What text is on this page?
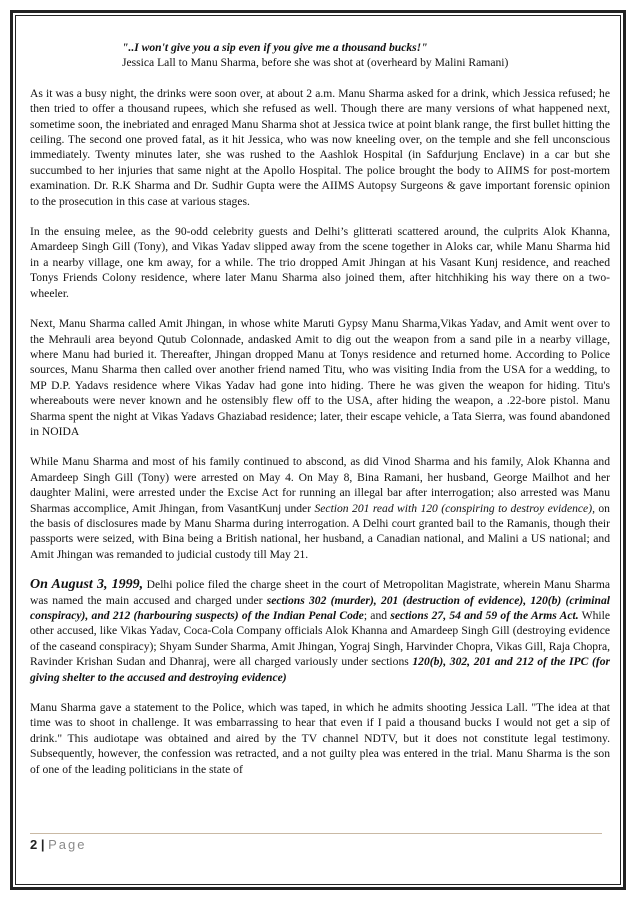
"..I won't give you a sip even if you give me a thousand bucks!"
Jessica Lall to Manu Sharma, before she was shot at (overheard by Malini Ramani)

As it was a busy night, the drinks were soon over, at about 2 a.m. Manu Sharma asked for a drink, which Jessica refused; he then tried to offer a thousand rupees, which she refused as well. Though there are many versions of what happened next, sometime soon, the inebriated and enraged Manu Sharma shot at Jessica twice at point blank range, the first bullet hitting the ceiling. The second one proved fatal, as it hit Jessica, who was now kneeling over, on the temple and she fell unconscious immediately. Twenty minutes later, she was rushed to the Aashlok Hospital (in Safdurjung Enclave) in a car but she succumbed to her injuries that same night at the Apollo Hospital. The police brought the body to AIIMS for post-mortem examination. Dr. R.K Sharma and Dr. Sudhir Gupta were the AIIMS Autopsy Surgeons & gave important forensic opinion to the prosecution in this case at various stages.

In the ensuing melee, as the 90-odd celebrity guests and Delhi’s glitterati scattered around, the culprits Alok Khanna, Amardeep Singh Gill (Tony), and Vikas Yadav slipped away from the scene together in Aloks car, while Manu Sharma hid in a nearby village, one km away, for a while. The trio dropped Amit Jhingan at his Vasant Kunj residence, and reached Tonys Friends Colony residence, where later Manu Sharma also joined them, after hitchhiking his way there on a two-wheeler.

Next, Manu Sharma called Amit Jhingan, in whose white Maruti Gypsy Manu Sharma,Vikas Yadav, and Amit went over to the Mehrauli area beyond Qutub Colonnade, andasked Amit to dig out the weapon from a sand pile in a nearby village, where Manu had buried it. Thereafter, Jhingan dropped Manu at Tonys residence and returned home. According to Police sources, Manu Sharma then called over another friend named Titu, who was visiting India from the USA for a wedding, to MP D.P. Yadavs residence where Vikas Yadav had gone into hiding. There he was given the weapon for hiding. Titu's whereabouts were never known and he ostensibly flew off to the USA, after hiding the weapon, a .22-bore pistol. Manu Sharma spent the night at Vikas Yadavs Ghaziabad residence; later, their escape vehicle, a Tata Sierra, was found abandoned in NOIDA

While Manu Sharma and most of his family continued to abscond, as did Vinod Sharma and his family, Alok Khanna and Amardeep Singh Gill (Tony) were arrested on May 4. On May 8, Bina Ramani, her husband, George Mailhot and her daughter Malini, were arrested under the Excise Act for running an illegal bar after interrogation; also arrested was Manu Sharmas accomplice, Amit Jhingan, from VasantKunj under Section 201 read with 120 (conspiring to destroy evidence), on the basis of disclosures made by Manu Sharma during interrogation. A Delhi court granted bail to the Ramanis, though their passports were seized, with Bina being a British national, her husband, a Canadian national, and Malini a US national; and Amit Jhingan was remanded to judicial custody till May 21.

On August 3, 1999, Delhi police filed the charge sheet in the court of Metropolitan Magistrate, wherein Manu Sharma was named the main accused and charged under sections 302 (murder), 201 (destruction of evidence), 120(b) (criminal conspiracy), and 212 (harbouring suspects) of the Indian Penal Code; and sections 27, 54 and 59 of the Arms Act. While other accused, like Vikas Yadav, Coca-Cola Company officials Alok Khanna and Amardeep Singh Gill (destroying evidence of the caseand conspiracy); Shyam Sunder Sharma, Amit Jhingan, Yograj Singh, Harvinder Chopra, Vikas Gill, Raja Chopra, Ravinder Krishan Sudan and Dhanraj, were all charged variously under sections 120(b), 302, 201 and 212 of the IPC (for giving shelter to the accused and destroying evidence)

Manu Sharma gave a statement to the Police, which was taped, in which he admits shooting Jessica Lall. "The idea at that time was to shoot in challenge. It was embarrassing to hear that even if I paid a thousand bucks I would not get a sip of drink." This audiotape was obtained and aired by the TV channel NDTV, but it does not constitute legal testimony. Subsequently, however, the confession was retracted, and a not guilty plea was entered in the trial. Manu Sharma is the son of one of the leading politicians in the state of

2 | Page
